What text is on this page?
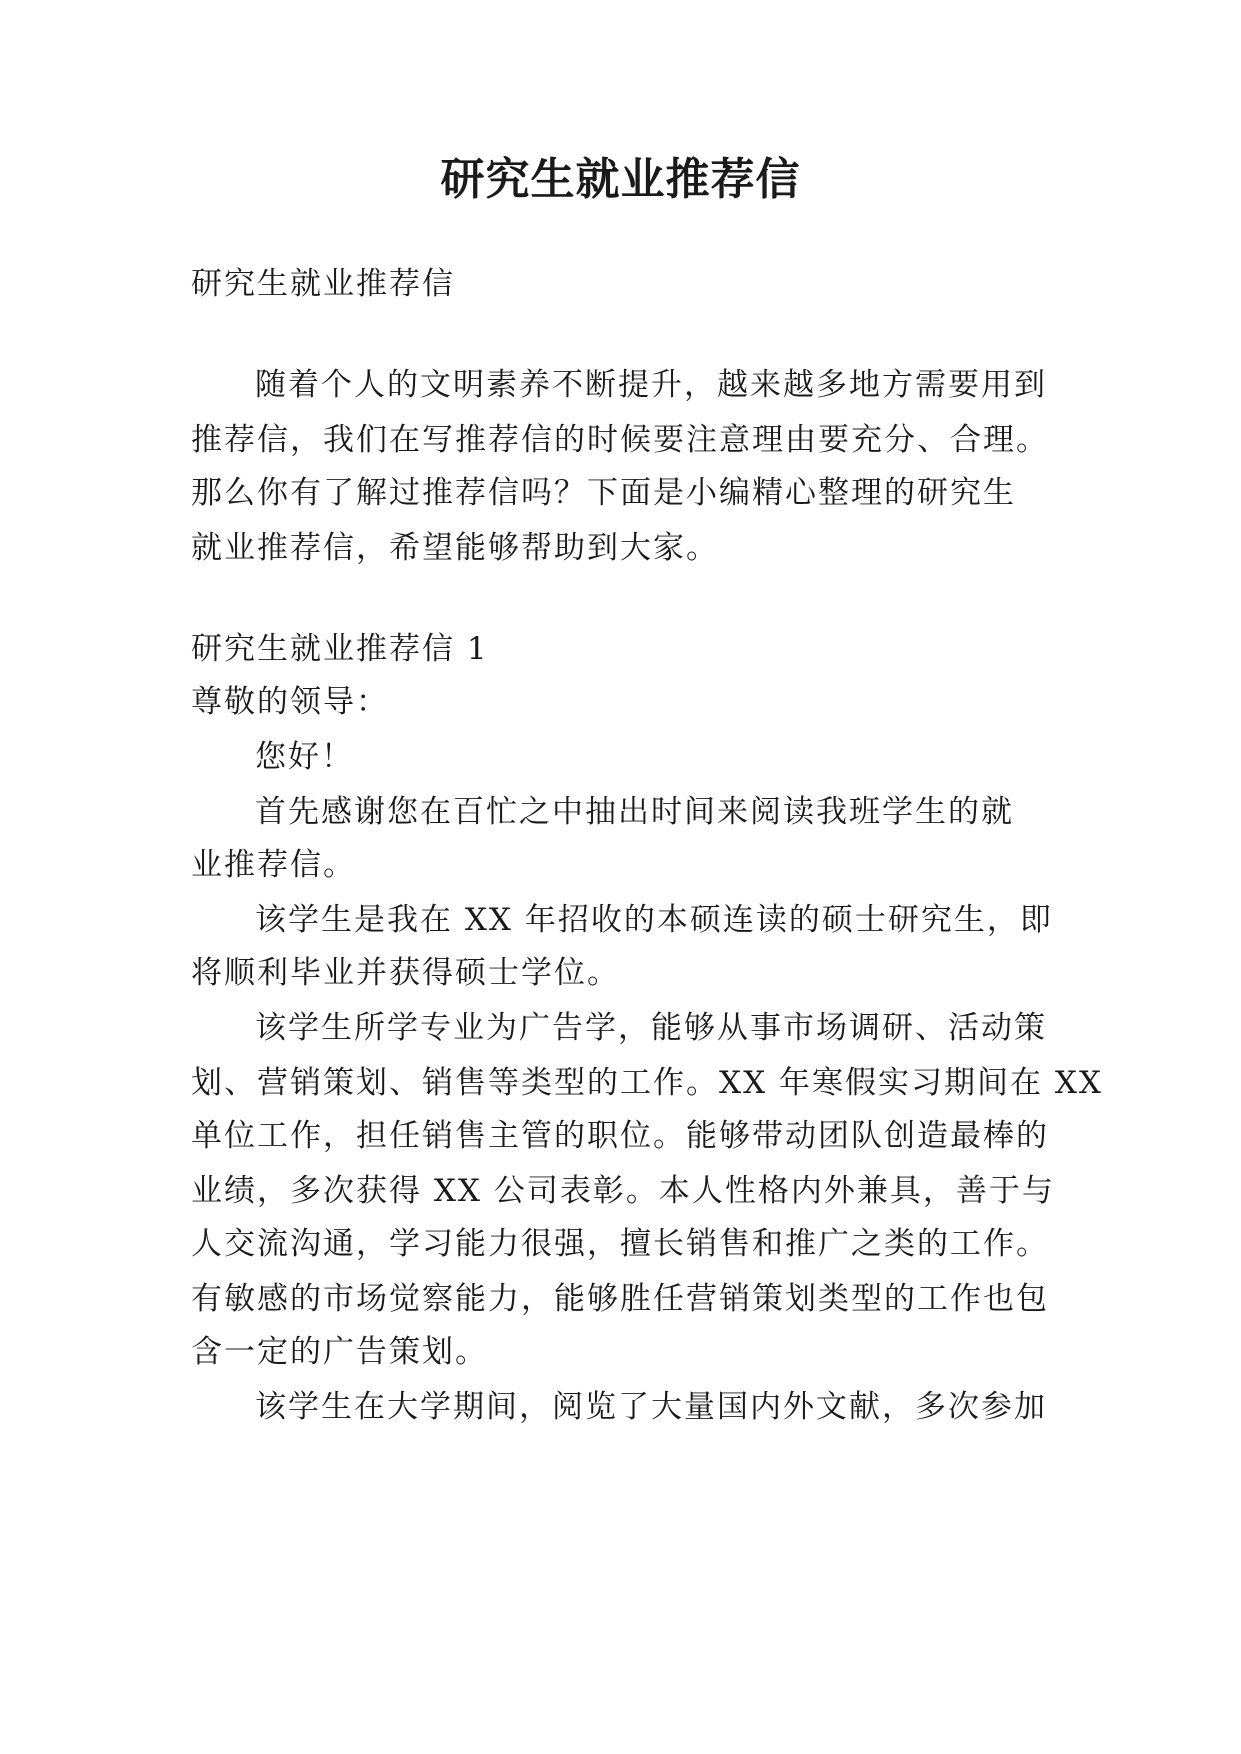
研究生就业推荐信

研究生就业推荐信

随着个人的文明素养不断提升，越来越多地方需要用到

推荐信，我们在写推荐信的时候要注意理由要充分、合理。

那么你有了解过推荐信吗？下面是小编精心整理的研究生

就业推荐信，希望能够帮助到大家。

研究生就业推荐信 1

尊敬的领导：

您好！

首先感谢您在百忙之中抽出时间来阅读我班学生的就

业推荐信。

该学生是我在 XX 年招收的本硕连读的硕士研究生，即

将顺利毕业并获得硕士学位。

该学生所学专业为广告学，能够从事市场调研、活动策

划、营销策划、销售等类型的工作。XX 年寒假实习期间在 XX

单位工作，担任销售主管的职位。能够带动团队创造最棒的

业绩，多次获得 XX 公司表彰。本人性格内外兼具，善于与

人交流沟通，学习能力很强，擅长销售和推广之类的工作。

有敏感的市场觉察能力，能够胜任营销策划类型的工作也包

含一定的广告策划。

该学生在大学期间，阅览了大量国内外文献，多次参加
